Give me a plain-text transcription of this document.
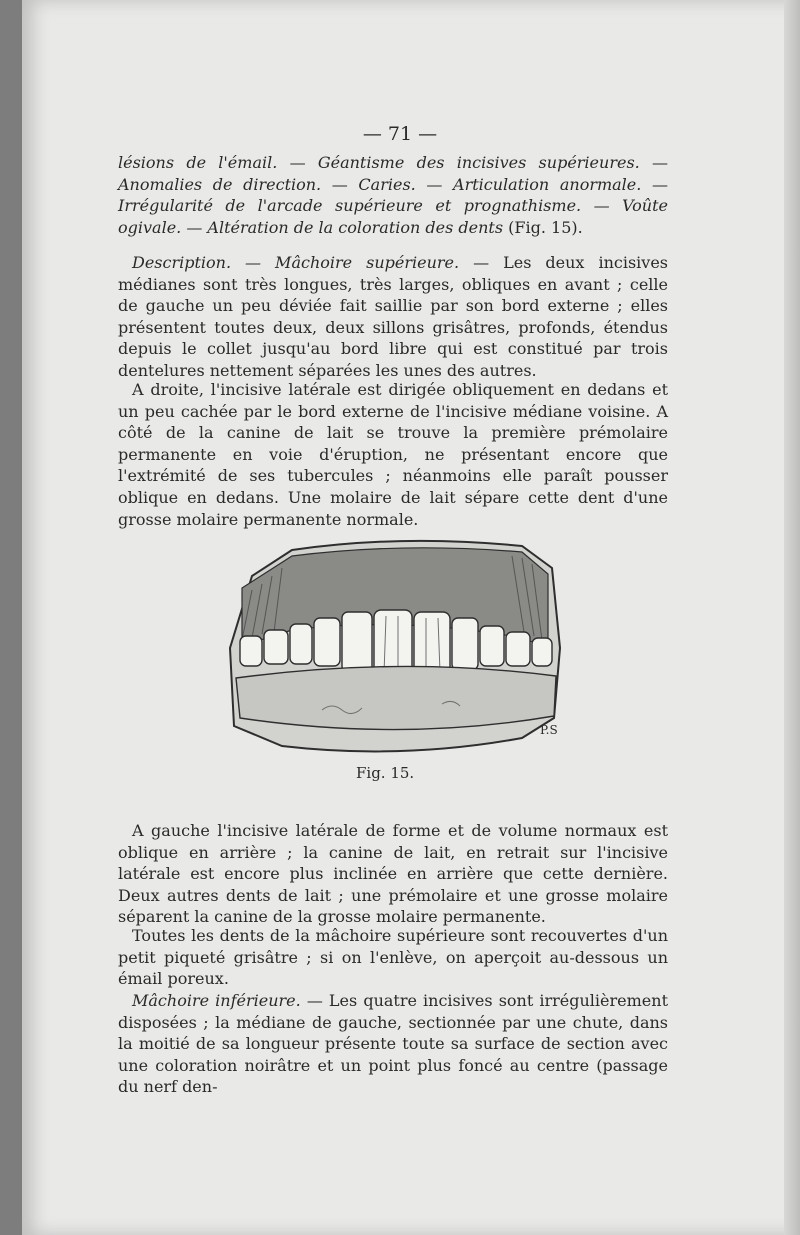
— 71 —

lésions de l'émail. — Géantisme des incisives supérieures. — Anomalies de direction. — Caries. — Articulation anormale. — Irrégularité de l'arcade supérieure et prognathisme. — Voûte ogivale. — Altération de la coloration des dents (Fig. 15).

Description. — Mâchoire supérieure. — Les deux incisives médianes sont très longues, très larges, obliques en avant ; celle de gauche un peu déviée fait saillie par son bord externe ; elles présentent toutes deux, deux sillons grisâtres, profonds, étendus depuis le collet jusqu'au bord libre qui est constitué par trois dentelures nettement séparées les unes des autres.

A droite, l'incisive latérale est dirigée obliquement en dedans et un peu cachée par le bord externe de l'incisive médiane voisine. A côté de la canine de lait se trouve la première prémolaire permanente en voie d'éruption, ne présentant encore que l'extrémité de ses tubercules ; néanmoins elle paraît pousser oblique en dedans. Une molaire de lait sépare cette dent d'une grosse molaire permanente normale.

P.S
Fig. 15.

A gauche l'incisive latérale de forme et de volume normaux est oblique en arrière ; la canine de lait, en retrait sur l'incisive latérale est encore plus inclinée en arrière que cette dernière. Deux autres dents de lait ; une prémolaire et une grosse molaire séparent la canine de la grosse molaire permanente.

Toutes les dents de la mâchoire supérieure sont recouvertes d'un petit piqueté grisâtre ; si on l'enlève, on aperçoit au-dessous un émail poreux.

Mâchoire inférieure. — Les quatre incisives sont irrégulièrement disposées ; la médiane de gauche, sectionnée par une chute, dans la moitié de sa longueur présente toute sa surface de section avec une coloration noirâtre et un point plus foncé au centre (passage du nerf den-
